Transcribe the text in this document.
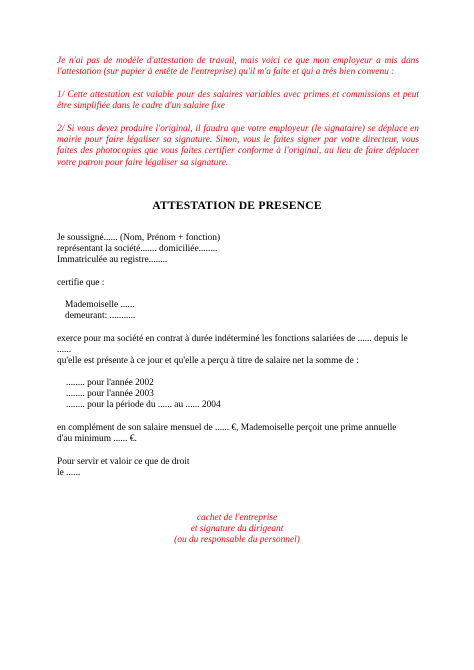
Je n'ai pas de modèle d'attestation de travail, mais voici ce que mon employeur a mis dans l'attestation (sur papier à entête de l'entreprise) qu'il m'a faite et qui a très bien convenu :
1/ Cette attestation est valable pour des salaires variables avec primes et commissions et peut être simplifiée dans le cadre d'un salaire fixe
2/ Si vous devez produire l'original, il faudra que votre employeur (le signataire) se déplace en mairie pour faire légaliser sa signature. Sinon, vous le faites signer par votre directeur, vous faites des photocopies que vous faites certifier conforme à l'original, au lieu de faire déplacer votre patron pour faire légaliser sa signature.
ATTESTATION DE PRESENCE
Je soussigné...... (Nom, Prénom + fonction)
représentant la société....... domiciliée........
Immatriculée au registre........
certifie que :
Mademoiselle ......
demeurant: ...........
exerce pour ma société en contrat à durée indéterminé les fonctions salariées de ...... depuis le
......
qu'elle est présente à ce jour et qu'elle a perçu à titre de salaire net la somme de :
........ pour l'année 2002
........ pour l'année 2003
........ pour la période du ...... au ...... 2004
en complément de son salaire mensuel de ...... €, Mademoiselle perçoit une prime annuelle
d'au minimum ...... €.
Pour servir et valoir ce que de droit
le ......
cachet de l'entreprise
et signature du dirigeant
(ou du responsable du personnel)
